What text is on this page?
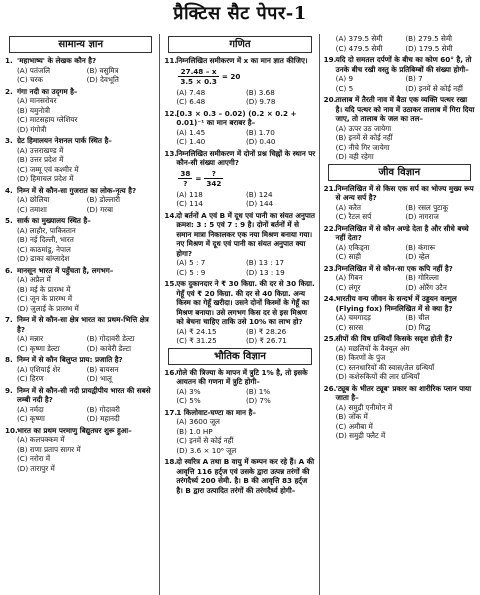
प्रैक्टिस सैट पेपर-1
सामान्य ज्ञान
1. 'महाभाष्य' के लेखक कौन है?
(A) पतंजलि	(B) वसुमित्र
(C) चरक	(D) देवभूति
2. गंगा नदी का उद्‌गम है–
(A) मानसरोवर
(B) यमुनोत्री
(C) माटसहाय ग्लेशियर
(D) गंगोत्री
3. ग्रेट हिमालयन नेशनल पार्क स्थित है–
(A) उत्तराखण्ड में
(B) उत्तर प्रदेश में
(C) जम्मू एवं कश्मीर में
(D) हिमाचल प्रदेश में
4. निम्न में से कौन-सा गुजरात का लोक-नृत्य है?
(A) छोलिया	(B) डोल्लारी
(C) तमाशा	(D) गरबा
5. सार्क का मुख्यालय स्थित है–
(A) लाहौर, पाकिस्तान
(B) नई दिल्ली, भारत
(C) काठमांडू, नेपाल
(D) ढाका बांग्लादेश
6. मानसून भारत में पहुँचता है, लगभग–
(A) अप्रैल में
(B) मई के प्रारम्भ में
(C) जून के प्रारम्भ में
(D) जुलाई के प्रारम्भ में
7. निम्न में से कौन-सा क्षेत्र भारत का प्रथम-भित्ति क्षेत्र है?
(A) मन्नार	(B) गोदावरी डेल्टा
(C) कृष्णा डेल्टा	(D) कावेरी डेल्टा
8. निम्न में से कौन बिलुप्त प्राय: प्रजाति है?
(A) एशियाई शेर	(B) बायसन
(C) हिरण	(D) भालू
9. निम्न में से कौन-सी नदी प्रायद्वीपीय भारत की सबसे लम्बी नदी है?
(A) नर्मदा	(B) गोदावरी
(C) कृष्णा	(D) महानदी
10. भारत का प्रथम परमाणु बिद्युतघर शुरू हुआ–
(A) कलपक्कम में
(B) राणा प्रताप सागर में
(C) नरोरा में
(D) तारापुर में
गणित
11. निम्नलिखित समीकरण में x का मान ज्ञात कीजिए।
$\frac{27.48 - x}{3.5 \times 0.3} = 20$
(A) 7.48	(B) 3.68
(C) 6.48	(D) 9.78
12. [0.3 × 0.3 – 0.02) (0.2 × 0.2 + 0.01)⁻¹ का मान बराबर है–
(A) 1.45	(B) 1.70
(C) 1.40	(D) 0.40
13. निम्नलिखित समीकरण में दोनों प्रश्न चिह्नों के स्थान पर कौन-सी संख्या आएगी?
$\frac{38}{?} = \frac{?}{342}$
(A) 118	(B) 124
(C) 114	(D) 144
14. दो बर्तनों A एवं B में दूध एवं पानी का संयत अनुपात क्रमश: 3 : 5 एवं 7 : 9 है। दोनों बर्तनों में से समान मात्रा निकालकर एक नया मिश्रण बनाया गया। नए मिश्रण में दूध एवं पानी का संयत अनुपात क्या होगा?
(A) 5 : 7	(B) 13 : 17
(C) 5 : 9	(D) 13 : 19
15. एक दुकानदार ने ₹ 30 किग्रा. की दर से 30 किग्रा. गेहूँ एवं ₹ 20 किग्रा. की दर से 40 किग्रा. अन्य किस्म का गेहूँ खरीदा। उसने दोनों किस्मों के गेहूँ का मिश्रण बनाया। उसे लगभग किस दर से इस मिश्रण को बेचना चाहिए ताकि उसे 10% का लाभ हो?
(A) ₹ 24.15	(B) ₹ 28.26
(C) ₹ 31.25	(D) ₹ 26.71
भौतिक विज्ञान
16. गोले की त्रिज्या के मापन में त्रुटि 1% है, तो इसके आयतन की गणना में त्रुटि होगी–
(A) 3%	(B) 1%
(C) 5%	(D) 7%
17. 1 किलोवाट-घण्टा का मान है–
(A) 3600 जूल
(B) 1.0 HP
(C) इनमें से कोई नहीं
(D) 3.6 × 10⁶ जूल
18. दो स्वरित्र A तथा B वायु में कम्पन कर रहे हैं। A की आवृत्ति 116 हर्ट्‌ज एवं उसके द्वारा उत्पन्न तरंगों की तरंगदैर्ध्य 200 सेमी. है। B की आवृत्ति 83 हर्ट्‌ज है। B द्वारा उत्पादित तरंगों की तरंगदैर्ध्य होगी–
(A) 379.5 सेमी	(B) 279.5 सेमी
(C) 479.5 सेमी	(D) 179.5 सेमी
19. यदि दो समतल दर्पणों के बीच का कोण 60° है, तो उनके बीच रखी वस्तु के प्रतिबिम्बों की संख्या होगी–
(A) 9	(B) 7
(C) 5	(D) इनमें से कोई नहीं
20. तालाब में तैरती नाव में बैठा एक व्यक्ति पत्थर रखा है। यदि पत्थर को नाव में उठाकर तालाब में गिरा दिया जाए, तो तालाब के जल का तल–
(A) ऊपर उठ जायेगा
(B) इनमें से कोई नहीं
(C) नीचे गिर जायेगा
(D) वही रहेगा
जीव विज्ञान
21. निम्नलिखित में से किस एक सर्प का भोज्य मुख्य रूप से अन्य सर्प है?
(A) करैत	(B) रसल पुटाकू
(C) रैटल सर्प	(D) नागराज
22. निम्नलिखित में से कौन अण्डे देता है और सीधे बच्चे नहीं देता?
(A) एकिड्ना	(B) कंगारू
(C) साही	(D) व्हेल
23. निम्नलिखित में से कौन-सा एक कपि नहीं है?
(A) गिबन	(B) गोरिल्ला
(C) लंगूर	(D) ओरैंग उटैन
24. भारतीय वन्य जीवन के सन्दर्भ में उड्डयन वल्गुल (Flying fox) निम्नलिखित में से क्या है?
(A) चमगादड़	(B) चील
(C) सारस	(D) गिद्ध
25. सीपों की विष ग्रन्थियाँ किसके सदृश होती हैं?
(A) मछलियों के वैक्यूल अंग
(B) किरणों के पुंज
(C) स्तनधारियों की स्वास/तेल ग्रन्थियाँ
(D) कशेरुकियों की लार ग्रन्थियाँ
26. 'ट्यूब के भीतर ट्यूब' प्रकार का शारीरिक प्लान पाया जाता है–
(A) समुद्री एनीमोन में
(B) जोंक में
(C) अमीबा में
(D) समुद्री फ्लैट में
